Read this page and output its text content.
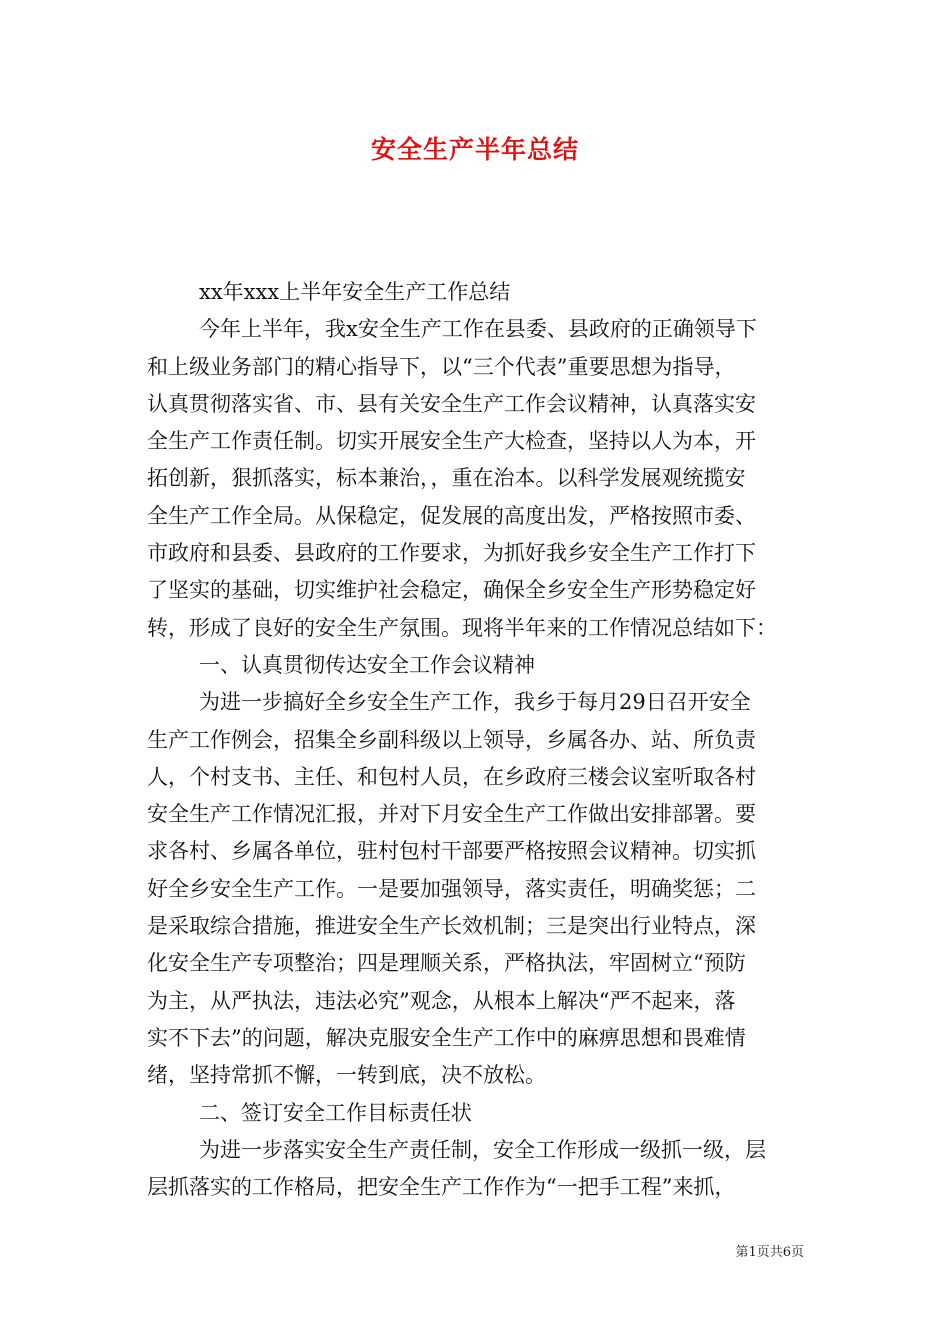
安全生产半年总结
xx年xxx上半年安全生产工作总结
今年上半年，我x安全生产工作在县委、县政府的正确领导下
和上级业务部门的精心指导下，以“三个代表”重要思想为指导，
认真贯彻落实省、市、县有关安全生产工作会议精神，认真落实安
全生产工作责任制。切实开展安全生产大检查，坚持以人为本，开
拓创新，狠抓落实，标本兼治，，重在治本。以科学发展观统揽安
全生产工作全局。从保稳定，促发展的高度出发，严格按照市委、
市政府和县委、县政府的工作要求，为抓好我乡安全生产工作打下
了坚实的基础，切实维护社会稳定，确保全乡安全生产形势稳定好
转，形成了良好的安全生产氛围。现将半年来的工作情况总结如下：
一、认真贯彻传达安全工作会议精神
为进一步搞好全乡安全生产工作，我乡于每月29日召开安全
生产工作例会，招集全乡副科级以上领导，乡属各办、站、所负责
人，个村支书、主任、和包村人员，在乡政府三楼会议室听取各村
安全生产工作情况汇报，并对下月安全生产工作做出安排部署。要
求各村、乡属各单位，驻村包村干部要严格按照会议精神。切实抓
好全乡安全生产工作。一是要加强领导，落实责任，明确奖惩；二
是采取综合措施，推进安全生产长效机制；三是突出行业特点，深
化安全生产专项整治；四是理顺关系，严格执法，牢固树立“预防
为主，从严执法，违法必究”观念，从根本上解决“严不起来，落
实不下去”的问题，解决克服安全生产工作中的麻痹思想和畏难情
绪，坚持常抓不懈，一转到底，决不放松。
二、签订安全工作目标责任状
为进一步落实安全生产责任制，安全工作形成一级抓一级，层
层抓落实的工作格局，把安全生产工作作为“一把手工程”来抓，
第1页共6页
